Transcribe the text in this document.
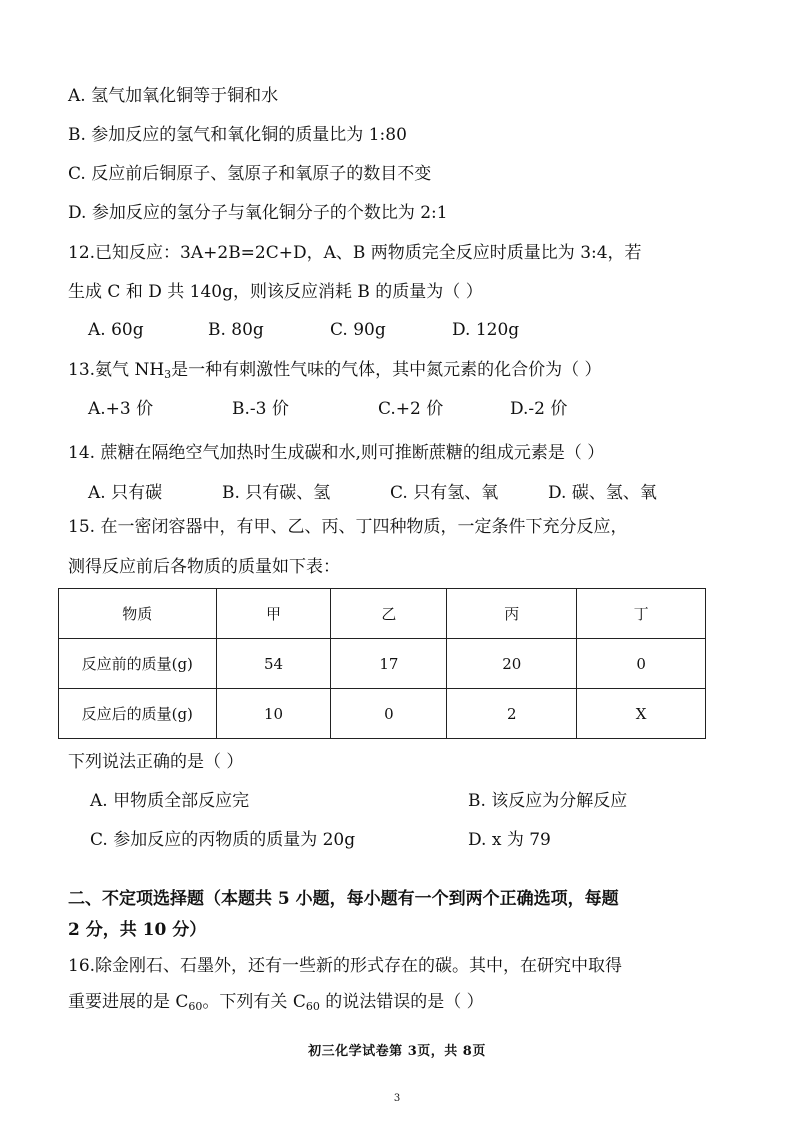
A. 氢气加氧化铜等于铜和水
B. 参加反应的氢气和氧化铜的质量比为 1:80
C. 反应前后铜原子、氢原子和氧原子的数目不变
D. 参加反应的氢分子与氧化铜分子的个数比为 2:1
12.已知反应：3A+2B=2C+D，A、B 两物质完全反应时质量比为 3:4，若
生成 C 和 D 共 140g，则该反应消耗 B 的质量为（ ）
A. 60g	B. 80g	C. 90g	D. 120g
13.氨气 $NH_3$是一种有刺激性气味的气体，其中氮元素的化合价为（ ）
A.+3 价	B.-3 价	C.+2 价	D.-2 价
14. 蔗糖在隔绝空气加热时生成碳和水,则可推断蔗糖的组成元素是（ ）
A. 只有碳	B. 只有碳、氢	C. 只有氢、氧	D. 碳、氢、氧
15. 在一密闭容器中，有甲、乙、丙、丁四种物质，一定条件下充分反应，
测得反应前后各物质的质量如下表：
物质	甲	乙	丙	丁
反应前的质量(g)	54	17	20	0
反应后的质量(g)	10	0	2	X
下列说法正确的是（ ）
A. 甲物质全部反应完	B. 该反应为分解反应
C. 参加反应的丙物质的质量为 20g	D. x 为 79
二、不定项选择题（本题共 5 小题，每小题有一个到两个正确选项，每题
2 分，共 10 分）
16.除金刚石、石墨外，还有一些新的形式存在的碳。其中，在研究中取得
重要进展的是 $C_{60}$。下列有关 $C_{60}$ 的说法错误的是（ ）
初三化学试卷第 3页，共 8页
3
